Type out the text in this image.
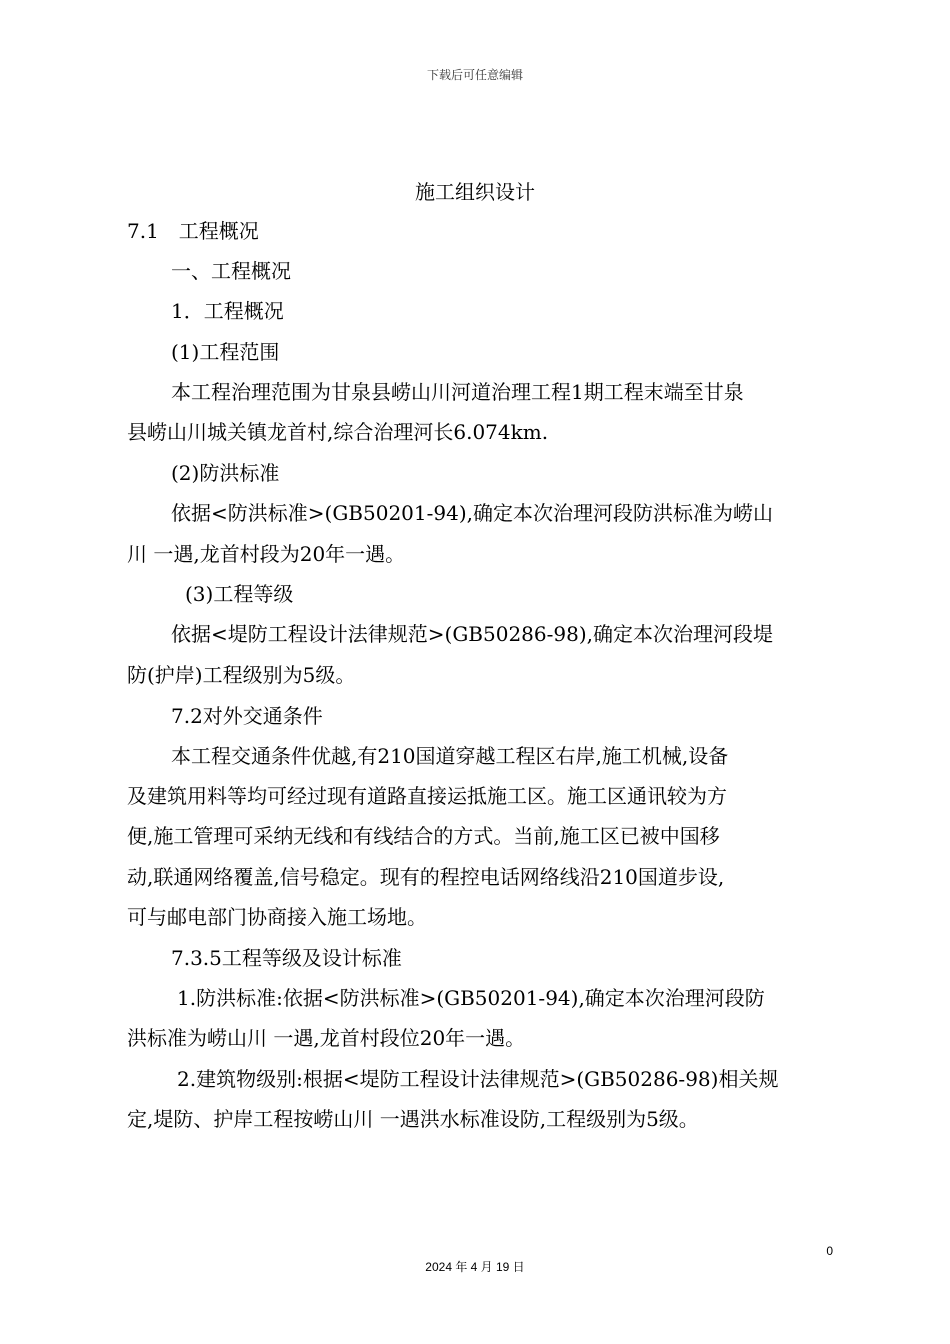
下载后可任意编辑
施工组织设计
7.1　工程概况
一、工程概况
1．工程概况
(1)工程范围
本工程治理范围为甘泉县崂山川河道治理工程1期工程末端至甘泉
县崂山川城关镇龙首村,综合治理河长6.074km.
(2)防洪标准
依据<防洪标准>(GB50201-94),确定本次治理河段防洪标准为崂山
川 一遇,龙首村段为20年一遇。
(3)工程等级
依据<堤防工程设计法律规范>(GB50286-98),确定本次治理河段堤
防(护岸)工程级别为5级。
7.2对外交通条件
本工程交通条件优越,有210国道穿越工程区右岸,施工机械,设备
及建筑用料等均可经过现有道路直接运抵施工区。施工区通讯较为方
便,施工管理可采纳无线和有线结合的方式。当前,施工区已被中国移
动,联通网络覆盖,信号稳定。现有的程控电话网络线沿210国道步设,
可与邮电部门协商接入施工场地。
7.3.5工程等级及设计标准
1.防洪标准:依据<防洪标准>(GB50201-94),确定本次治理河段防
洪标准为崂山川 一遇,龙首村段位20年一遇。
2.建筑物级别:根据<堤防工程设计法律规范>(GB50286-98)相关规
定,堤防、护岸工程按崂山川 一遇洪水标准设防,工程级别为5级。
0
2024 年 4 月 19 日
